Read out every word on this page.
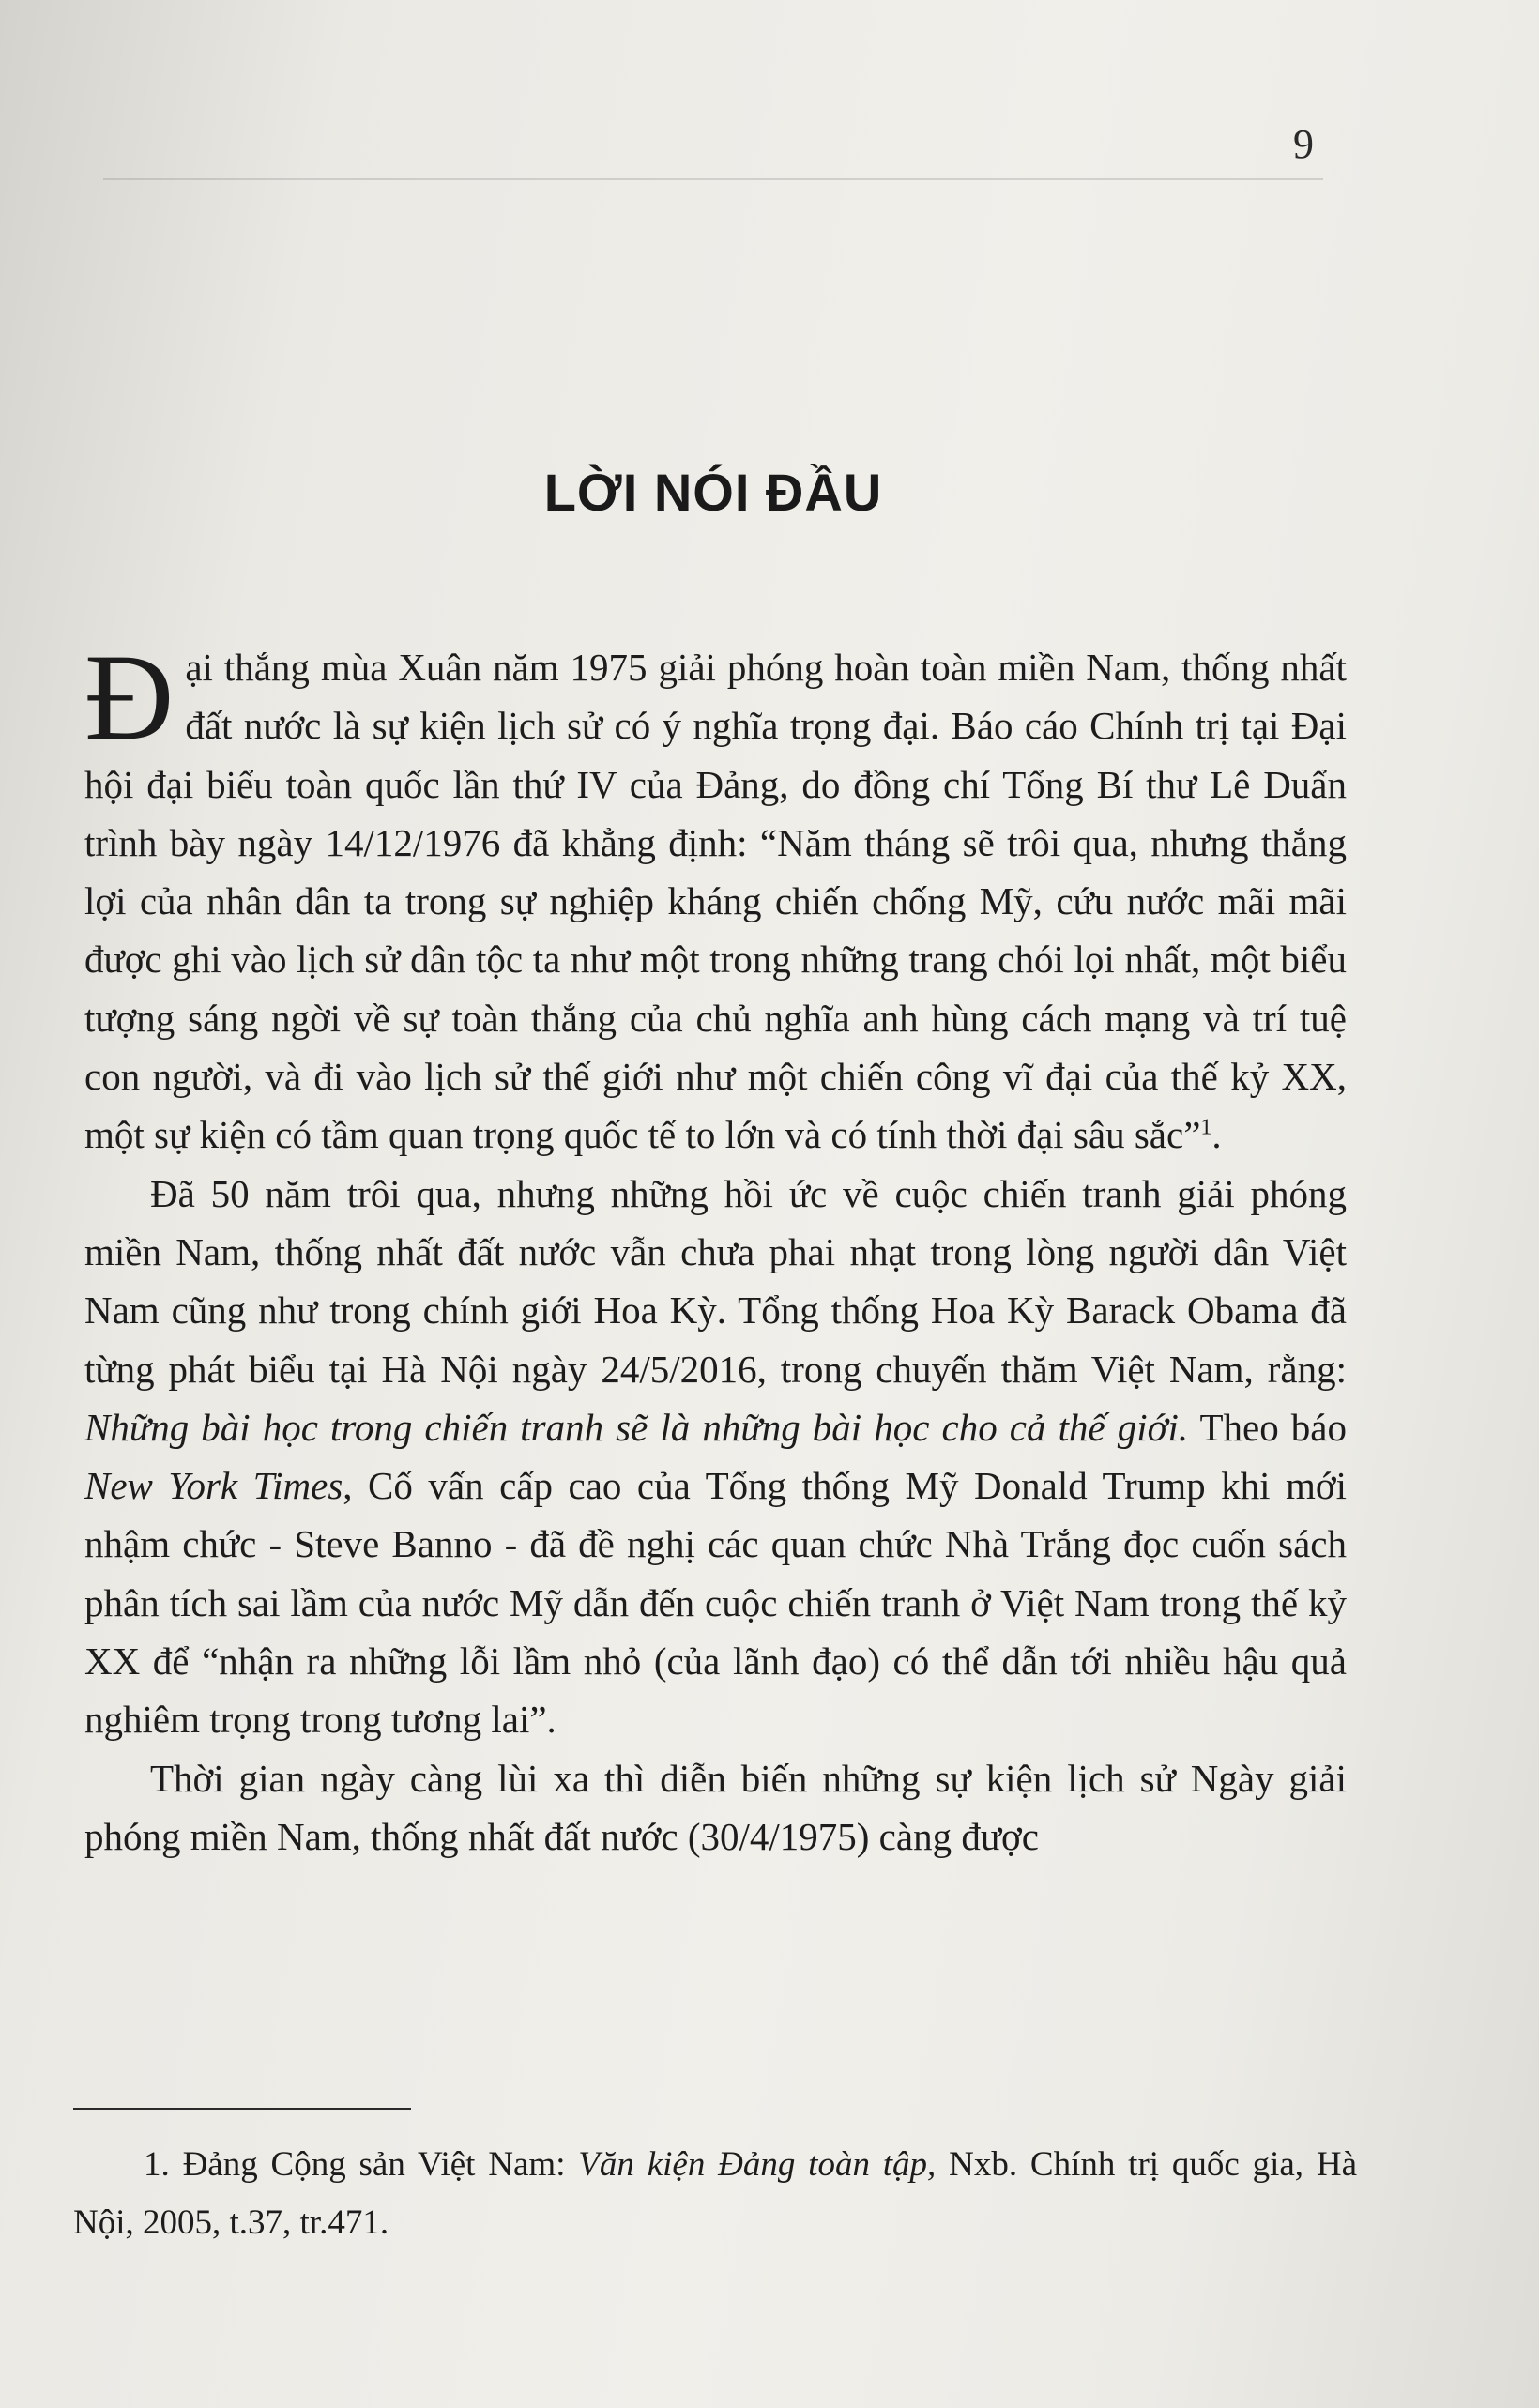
9
LỜI NÓI ĐẦU

Đại thắng mùa Xuân năm 1975 giải phóng hoàn toàn miền Nam, thống nhất đất nước là sự kiện lịch sử có ý nghĩa trọng đại. Báo cáo Chính trị tại Đại hội đại biểu toàn quốc lần thứ IV của Đảng, do đồng chí Tổng Bí thư Lê Duẩn trình bày ngày 14/12/1976 đã khẳng định: “Năm tháng sẽ trôi qua, nhưng thắng lợi của nhân dân ta trong sự nghiệp kháng chiến chống Mỹ, cứu nước mãi mãi được ghi vào lịch sử dân tộc ta như một trong những trang chói lọi nhất, một biểu tượng sáng ngời về sự toàn thắng của chủ nghĩa anh hùng cách mạng và trí tuệ con người, và đi vào lịch sử thế giới như một chiến công vĩ đại của thế kỷ XX, một sự kiện có tầm quan trọng quốc tế to lớn và có tính thời đại sâu sắc”$^1$.

Đã 50 năm trôi qua, nhưng những hồi ức về cuộc chiến tranh giải phóng miền Nam, thống nhất đất nước vẫn chưa phai nhạt trong lòng người dân Việt Nam cũng như trong chính giới Hoa Kỳ. Tổng thống Hoa Kỳ Barack Obama đã từng phát biểu tại Hà Nội ngày 24/5/2016, trong chuyến thăm Việt Nam, rằng: Những bài học trong chiến tranh sẽ là những bài học cho cả thế giới. Theo báo New York Times, Cố vấn cấp cao của Tổng thống Mỹ Donald Trump khi mới nhậm chức - Steve Banno - đã đề nghị các quan chức Nhà Trắng đọc cuốn sách phân tích sai lầm của nước Mỹ dẫn đến cuộc chiến tranh ở Việt Nam trong thế kỷ XX để “nhận ra những lỗi lầm nhỏ (của lãnh đạo) có thể dẫn tới nhiều hậu quả nghiêm trọng trong tương lai”.

Thời gian ngày càng lùi xa thì diễn biến những sự kiện lịch sử Ngày giải phóng miền Nam, thống nhất đất nước (30/4/1975) càng được

1. Đảng Cộng sản Việt Nam: Văn kiện Đảng toàn tập, Nxb. Chính trị quốc gia, Hà Nội, 2005, t.37, tr.471.
